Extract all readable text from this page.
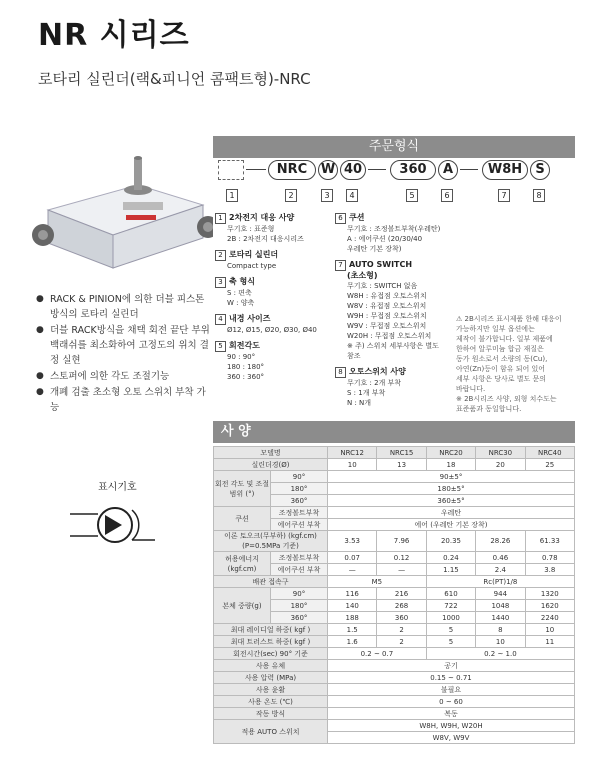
NR 시리즈
로타리 실린더(랙&피니언 콤팩트형)-NRC
● RACK & PINION에 의한 더블 피스톤 방식의 로타리 실린더
● 더블 RACK방식을 채택 회전 끝단 부위 백래쉬를 최소화하여 고정도의 위치 결정 실현
● 스토퍼에 의한 각도 조절기능
● 개폐 검출 초소형 오토 스위치 부착 가능
표시기호
주문형식
NRC	W 40	360	A	W8H	S
1	2	3	4	5	6	7	8
1 2차전지 대응 사양
무기호 : 표준형
2B : 2차전지 대응시리즈
2 로타리 실린더
Compact type
3 축 형식
S : 편축
W : 양축
4 내경 사이즈
Ø12, Ø15, Ø20, Ø30, Ø40
5 회전각도
90 : 90°
180 : 180°
360 : 360°
6 쿠션
무기호 : 조정볼트부착(우레탄)
A : 에어쿠션 (20/30/40
우레탄 기본 장착)
7 AUTO SWITCH
(초소형)
무기호 : SWITCH 없음
W8H : 유접점 오토스위치
W8V : 유접점 오토스위치
W9H : 무접점 오토스위치
W9V : 무접점 오토스위치
W20H : 무접점 오토스위치
※ 주) 스위치 세부사항은 별도
참조
8 오토스위치 사양
무기호 : 2개 부착
S : 1개 부착
N : N개
⚠ 2B시리즈 표시제품 한해 대응이
가능하지만 일부 옵션에는
제작이 불가합니다. 일부 제품에
한하여 알루미늄 합금 재질은
동가 원소로서 소량의 동(Cu),
아연(Zn)등이 함유 되어 있어
세부 사항은 당사로 별도 문의
바랍니다.
※ 2B시리즈 사양, 외형 치수도는
표준품과 동일합니다.
사 양
모델명		NRC12	NRC15	NRC20	NRC30	NRC40
실린더경(Ø)		10	13	18	20	25
회전 각도 및 조절범위 (°)	90°	90±5°				
	180°	180±5°				
	360°	360±5°				
쿠션	조정볼트부착	우레탄				
	에어쿠션 부착	에어 (우레탄 기본 장착)				
이론 토오크(무부하) (kgf.cm) (P=0.5MPa 기준)		3.53	7.96	20.35	28.26	61.33
허용에너지 (kgf.cm)	조정볼트부착	0.07	0.12	0.24	0.46	0.78
	에어쿠션 부착	—	—	1.15	2.4	3.8
배관 접속구		M5		Rc(PT)1/8		
본체 중량(g)	90°	116	216	610	944	1320
	180°	140	268	722	1048	1620
	360°	188	360	1000	1440	2240
최대 레이디얼 하중( kgf )		1.5	2	5	8	10
최대 트러스트 하중( kgf )		1.6	2	5	10	11
회전시간(sec) 90° 기준		0.2 ~ 0.7		0.2 ~ 1.0		
사용 유체		공기				
사용 압력 (MPa)		0.15 ~ 0.71				
사용 윤활		불필요				
사용 온도 (℃)		0 ~ 60				
작동 방식		복동				
적용 AUTO 스위치		W8H, W9H, W20H				
		W8V, W9V				
